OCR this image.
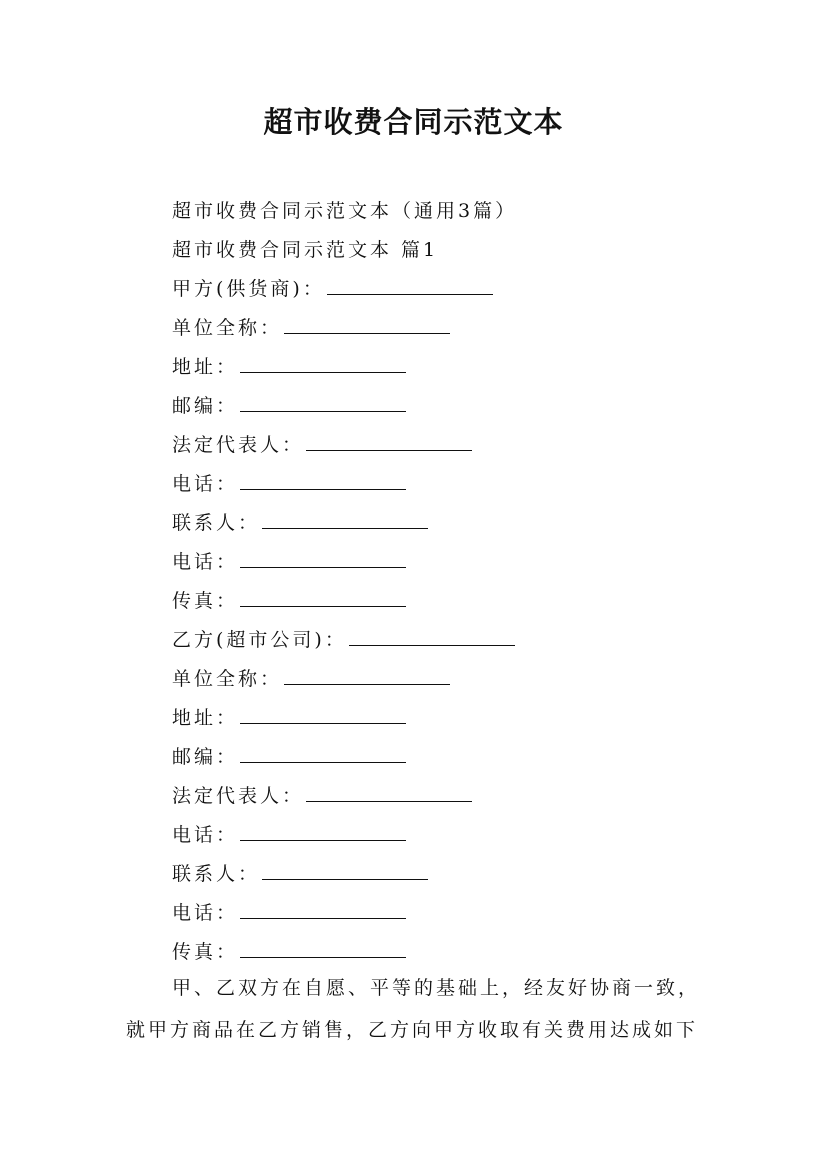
超市收费合同示范文本
超市收费合同示范文本（通用3篇）
超市收费合同示范文本 篇1
甲方(供货商)：
单位全称：
地址：
邮编：
法定代表人：
电话：
联系人：
电话：
传真：
乙方(超市公司)：
单位全称：
地址：
邮编：
法定代表人：
电话：
联系人：
电话：
传真：
甲、乙双方在自愿、平等的基础上，经友好协商一致，
就甲方商品在乙方销售，乙方向甲方收取有关费用达成如下
